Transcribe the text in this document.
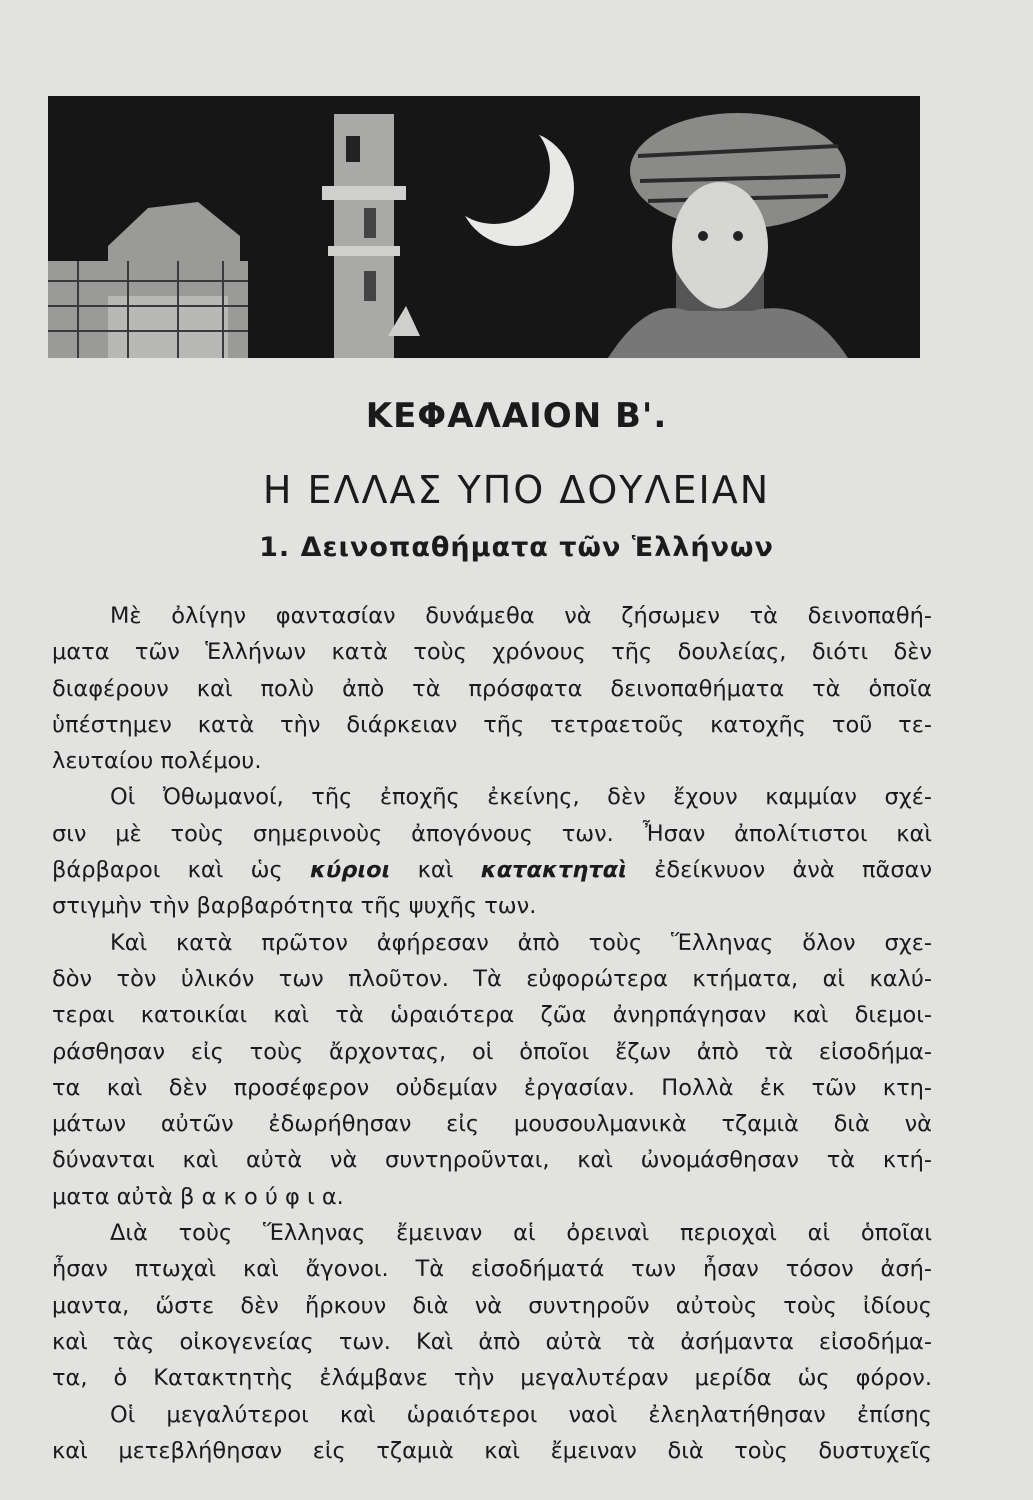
ΚΕΦΑΛΑΙΟΝ Β'.
Η ΕΛΛΑΣ ΥΠΟ ΔΟΥΛΕΙΑΝ
1. Δεινοπαθήματα τῶν Ἑλλήνων
Μὲ ὀλίγην φαντασίαν δυνάμεθα νὰ ζήσωμεν τὰ δεινοπαθή-
ματα τῶν Ἑλλήνων κατὰ τοὺς χρόνους τῆς δουλείας, διότι δὲν
διαφέρουν καὶ πολὺ ἀπὸ τὰ πρόσφατα δεινοπαθήματα τὰ ὁποῖα
ὑπέστημεν κατὰ τὴν διάρκειαν τῆς τετραετοῦς κατοχῆς τοῦ τε-
λευταίου πολέμου.
Οἱ Ὀθωμανοί, τῆς ἐποχῆς ἐκείνης, δὲν ἔχουν καμμίαν σχέ-
σιν μὲ τοὺς σημερινοὺς ἀπογόνους των. Ἦσαν ἀπολίτιστοι καὶ
βάρβαροι καὶ ὡς κύριοι καὶ κατακτηταὶ ἐδείκνυον ἀνὰ πᾶσαν
στιγμὴν τὴν βαρβαρότητα τῆς ψυχῆς των.
Καὶ κατὰ πρῶτον ἀφήρεσαν ἀπὸ τοὺς Ἕλληνας ὅλον σχε-
δὸν τὸν ὑλικόν των πλοῦτον. Τὰ εὐφορώτερα κτήματα, αἱ καλύ-
τεραι κατοικίαι καὶ τὰ ὡραιότερα ζῶα ἀνηρπάγησαν καὶ διεμοι-
ράσθησαν εἰς τοὺς ἄρχοντας, οἱ ὁποῖοι ἔζων ἀπὸ τὰ εἰσοδήμα-
τα καὶ δὲν προσέφερον οὐδεμίαν ἐργασίαν. Πολλὰ ἐκ τῶν κτη-
μάτων αὐτῶν ἐδωρήθησαν εἰς μουσουλμανικὰ τζαμιὰ διὰ νὰ
δύνανται καὶ αὐτὰ νὰ συντηροῦνται, καὶ ὠνομάσθησαν τὰ κτή-
ματα αὐτὰ β α κ ο ύ φ ι α.
Διὰ τοὺς Ἕλληνας ἔμειναν αἱ ὀρειναὶ περιοχαὶ αἱ ὁποῖαι
ἦσαν πτωχαὶ καὶ ἄγονοι. Τὰ εἰσοδήματά των ἦσαν τόσον ἀσή-
μαντα, ὥστε δὲν ἤρκουν διὰ νὰ συντηροῦν αὐτοὺς τοὺς ἰδίους
καὶ τὰς οἰκογενείας των. Καὶ ἀπὸ αὐτὰ τὰ ἀσήμαντα εἰσοδήμα-
τα, ὁ Κατακτητὴς ἐλάμβανε τὴν μεγαλυτέραν μερίδα ὡς φόρον.
Οἱ μεγαλύτεροι καὶ ὡραιότεροι ναοὶ ἐλεηλατήθησαν ἐπίσης
καὶ μετεβλήθησαν εἰς τζαμιὰ καὶ ἔμειναν διὰ τοὺς δυστυχεῖς
